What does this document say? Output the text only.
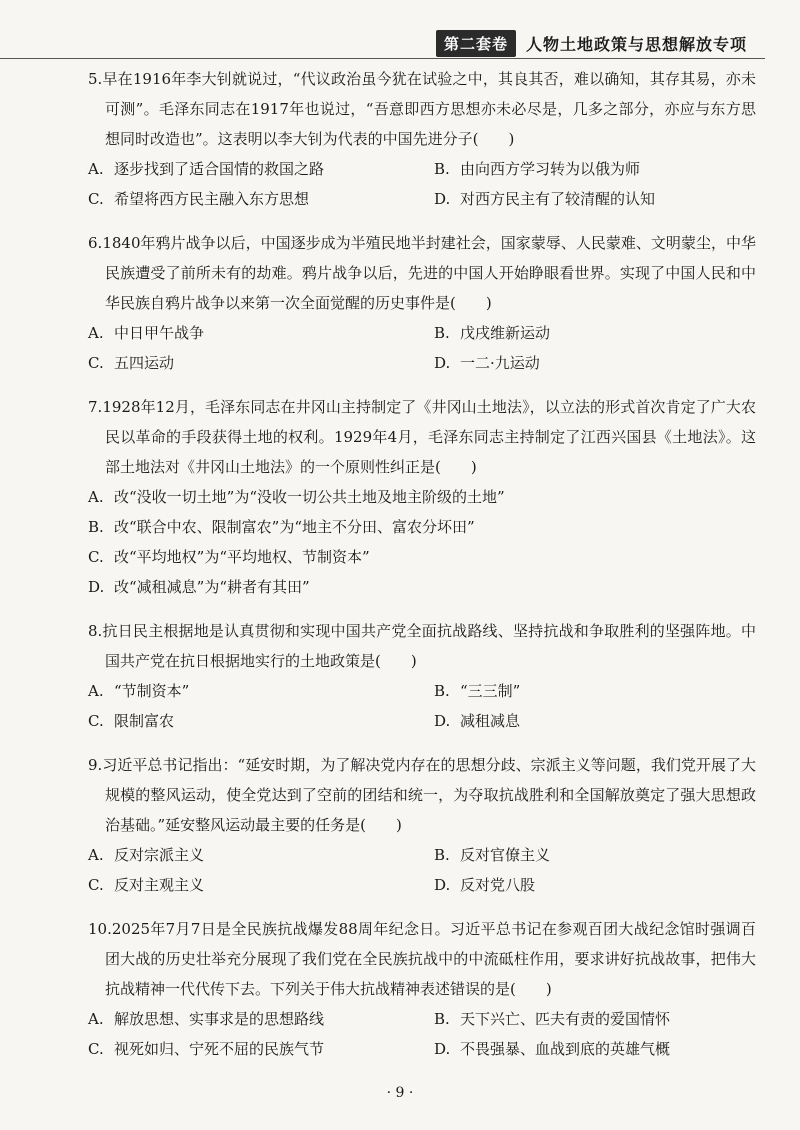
第二套卷	人物土地政策与思想解放专项
5.早在1916年李大钊就说过，“代议政治虽今犹在试验之中，其良其否，难以确知，其存其易，亦未可测”。毛泽东同志在1917年也说过，“吾意即西方思想亦未必尽是，几多之部分，亦应与东方思想同时改造也”。这表明以李大钊为代表的中国先进分子(　　)
A. 逐步找到了适合国情的救国之路	B. 由向西方学习转为以俄为师
C. 希望将西方民主融入东方思想	D. 对西方民主有了较清醒的认知
6.1840年鸦片战争以后，中国逐步成为半殖民地半封建社会，国家蒙辱、人民蒙难、文明蒙尘，中华民族遭受了前所未有的劫难。鸦片战争以后，先进的中国人开始睁眼看世界。实现了中国人民和中华民族自鸦片战争以来第一次全面觉醒的历史事件是(　　)
A. 中日甲午战争	B. 戊戌维新运动
C. 五四运动	D. 一二·九运动
7.1928年12月，毛泽东同志在井冈山主持制定了《井冈山土地法》，以立法的形式首次肯定了广大农民以革命的手段获得土地的权利。1929年4月，毛泽东同志主持制定了江西兴国县《土地法》。这部土地法对《井冈山土地法》的一个原则性纠正是(　　)
A. 改“没收一切土地”为“没收一切公共土地及地主阶级的土地”
B. 改“联合中农、限制富农”为“地主不分田、富农分坏田”
C. 改“平均地权”为“平均地权、节制资本”
D. 改“减租减息”为“耕者有其田”
8.抗日民主根据地是认真贯彻和实现中国共产党全面抗战路线、坚持抗战和争取胜利的坚强阵地。中国共产党在抗日根据地实行的土地政策是(　　)
A. “节制资本”	B. “三三制”
C. 限制富农	D. 减租减息
9.习近平总书记指出：“延安时期，为了解决党内存在的思想分歧、宗派主义等问题，我们党开展了大规模的整风运动，使全党达到了空前的团结和统一，为夺取抗战胜利和全国解放奠定了强大思想政治基础。”延安整风运动最主要的任务是(　　)
A. 反对宗派主义	B. 反对官僚主义
C. 反对主观主义	D. 反对党八股
10.2025年7月7日是全民族抗战爆发88周年纪念日。习近平总书记在参观百团大战纪念馆时强调百团大战的历史壮举充分展现了我们党在全民族抗战中的中流砥柱作用，要求讲好抗战故事，把伟大抗战精神一代代传下去。下列关于伟大抗战精神表述错误的是(　　)
A. 解放思想、实事求是的思想路线	B. 天下兴亡、匹夫有责的爱国情怀
C. 视死如归、宁死不屈的民族气节	D. 不畏强暴、血战到底的英雄气概
· 9 ·
